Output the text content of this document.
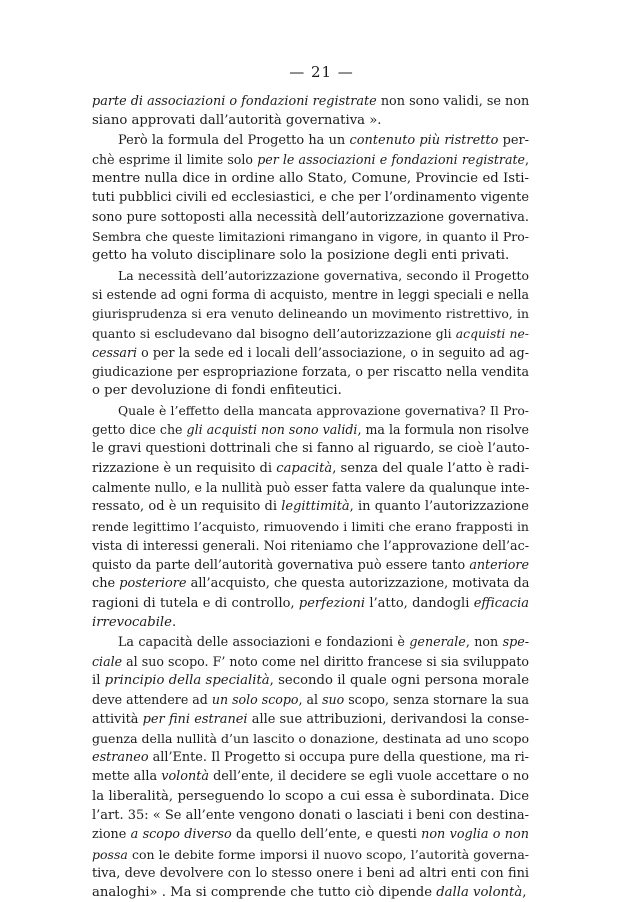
— 21 —
parte di associazioni o fondazioni registrate non sono validi, se non
siano approvati dall’autorità governativa ».
Però la formula del Progetto ha un contenuto più ristretto per-
chè esprime il limite solo per le associazioni e fondazioni registrate,
mentre nulla dice in ordine allo Stato, Comune, Provincie ed Isti-
tuti pubblici civili ed ecclesiastici, e che per l’ordinamento vigente
sono pure sottoposti alla necessità dell’autorizzazione governativa.
Sembra che queste limitazioni rimangano in vigore, in quanto il Pro-
getto ha voluto disciplinare solo la posizione degli enti privati.
La necessità dell’autorizzazione governativa, secondo il Progetto
si estende ad ogni forma di acquisto, mentre in leggi speciali e nella
giurisprudenza si era venuto delineando un movimento ristrettivo, in
quanto si escludevano dal bisogno dell’autorizzazione gli acquisti ne-
cessari o per la sede ed i locali dell’associazione, o in seguito ad ag-
giudicazione per espropriazione forzata, o per riscatto nella vendita
o per devoluzione di fondi enfiteutici.
Quale è l’effetto della mancata approvazione governativa? Il Pro-
getto dice che gli acquisti non sono validi, ma la formula non risolve
le gravi questioni dottrinali che si fanno al riguardo, se cioè l’auto-
rizzazione è un requisito di capacità, senza del quale l’atto è radi-
calmente nullo, e la nullità può esser fatta valere da qualunque inte-
ressato, od è un requisito di legittimità, in quanto l’autorizzazione
rende legittimo l’acquisto, rimuovendo i limiti che erano frapposti in
vista di interessi generali. Noi riteniamo che l’approvazione dell’ac-
quisto da parte dell’autorità governativa può essere tanto anteriore
che posteriore all’acquisto, che questa autorizzazione, motivata da
ragioni di tutela e di controllo, perfezioni l’atto, dandogli efficacia
irrevocabile.
La capacità delle associazioni e fondazioni è generale, non spe-
ciale al suo scopo. F’ noto come nel diritto francese si sia sviluppato
il principio della specialità, secondo il quale ogni persona morale
deve attendere ad un solo scopo, al suo scopo, senza stornare la sua
attività per fini estranei alle sue attribuzioni, derivandosi la conse-
guenza della nullità d’un lascito o donazione, destinata ad uno scopo
estraneo all’Ente. Il Progetto si occupa pure della questione, ma ri-
mette alla volontà dell’ente, il decidere se egli vuole accettare o no
la liberalità, perseguendo lo scopo a cui essa è subordinata. Dice
l’art. 35: « Se all’ente vengono donati o lasciati i beni con destina-
zione a scopo diverso da quello dell’ente, e questi non voglia o non
possa con le debite forme imporsi il nuovo scopo, l’autorità governa-
tiva, deve devolvere con lo stesso onere i beni ad altri enti con fini
analoghi» . Ma si comprende che tutto ciò dipende dalla volontà,
